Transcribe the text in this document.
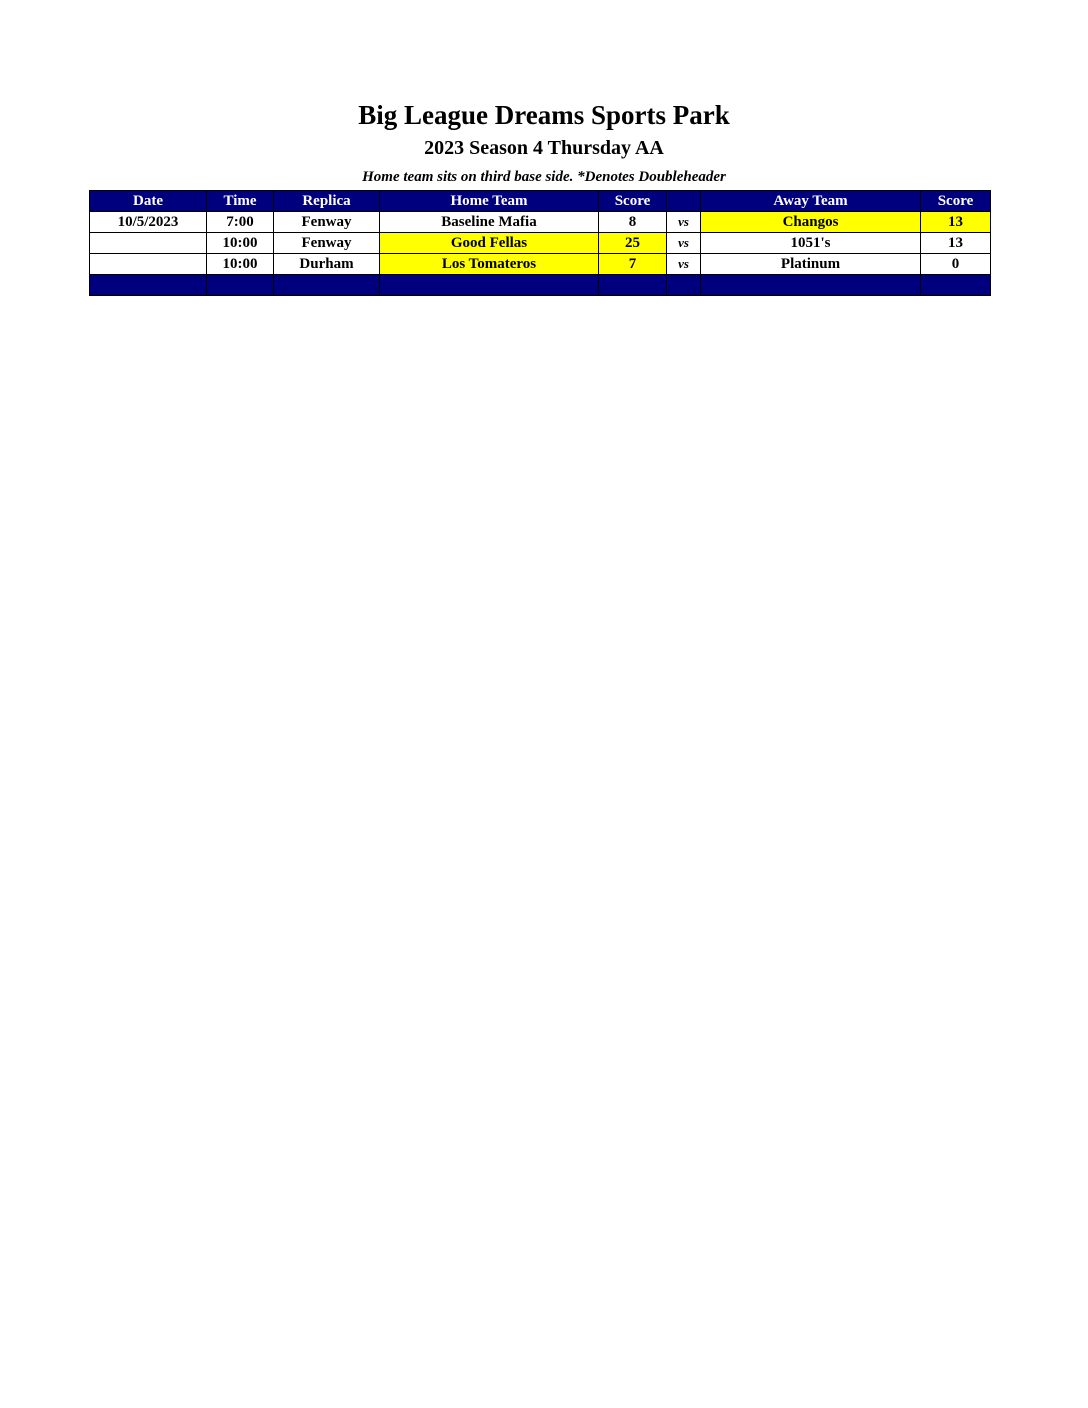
Big League Dreams Sports Park
2023 Season 4 Thursday AA
Home team sits on third base side. *Denotes Doubleheader
Date	Time	Replica	Home Team	Score		Away Team	Score
10/5/2023	7:00	Fenway	Baseline Mafia	8	vs	Changos	13
	10:00	Fenway	Good Fellas	25	vs	1051's	13
	10:00	Durham	Los Tomateros	7	vs	Platinum	0
